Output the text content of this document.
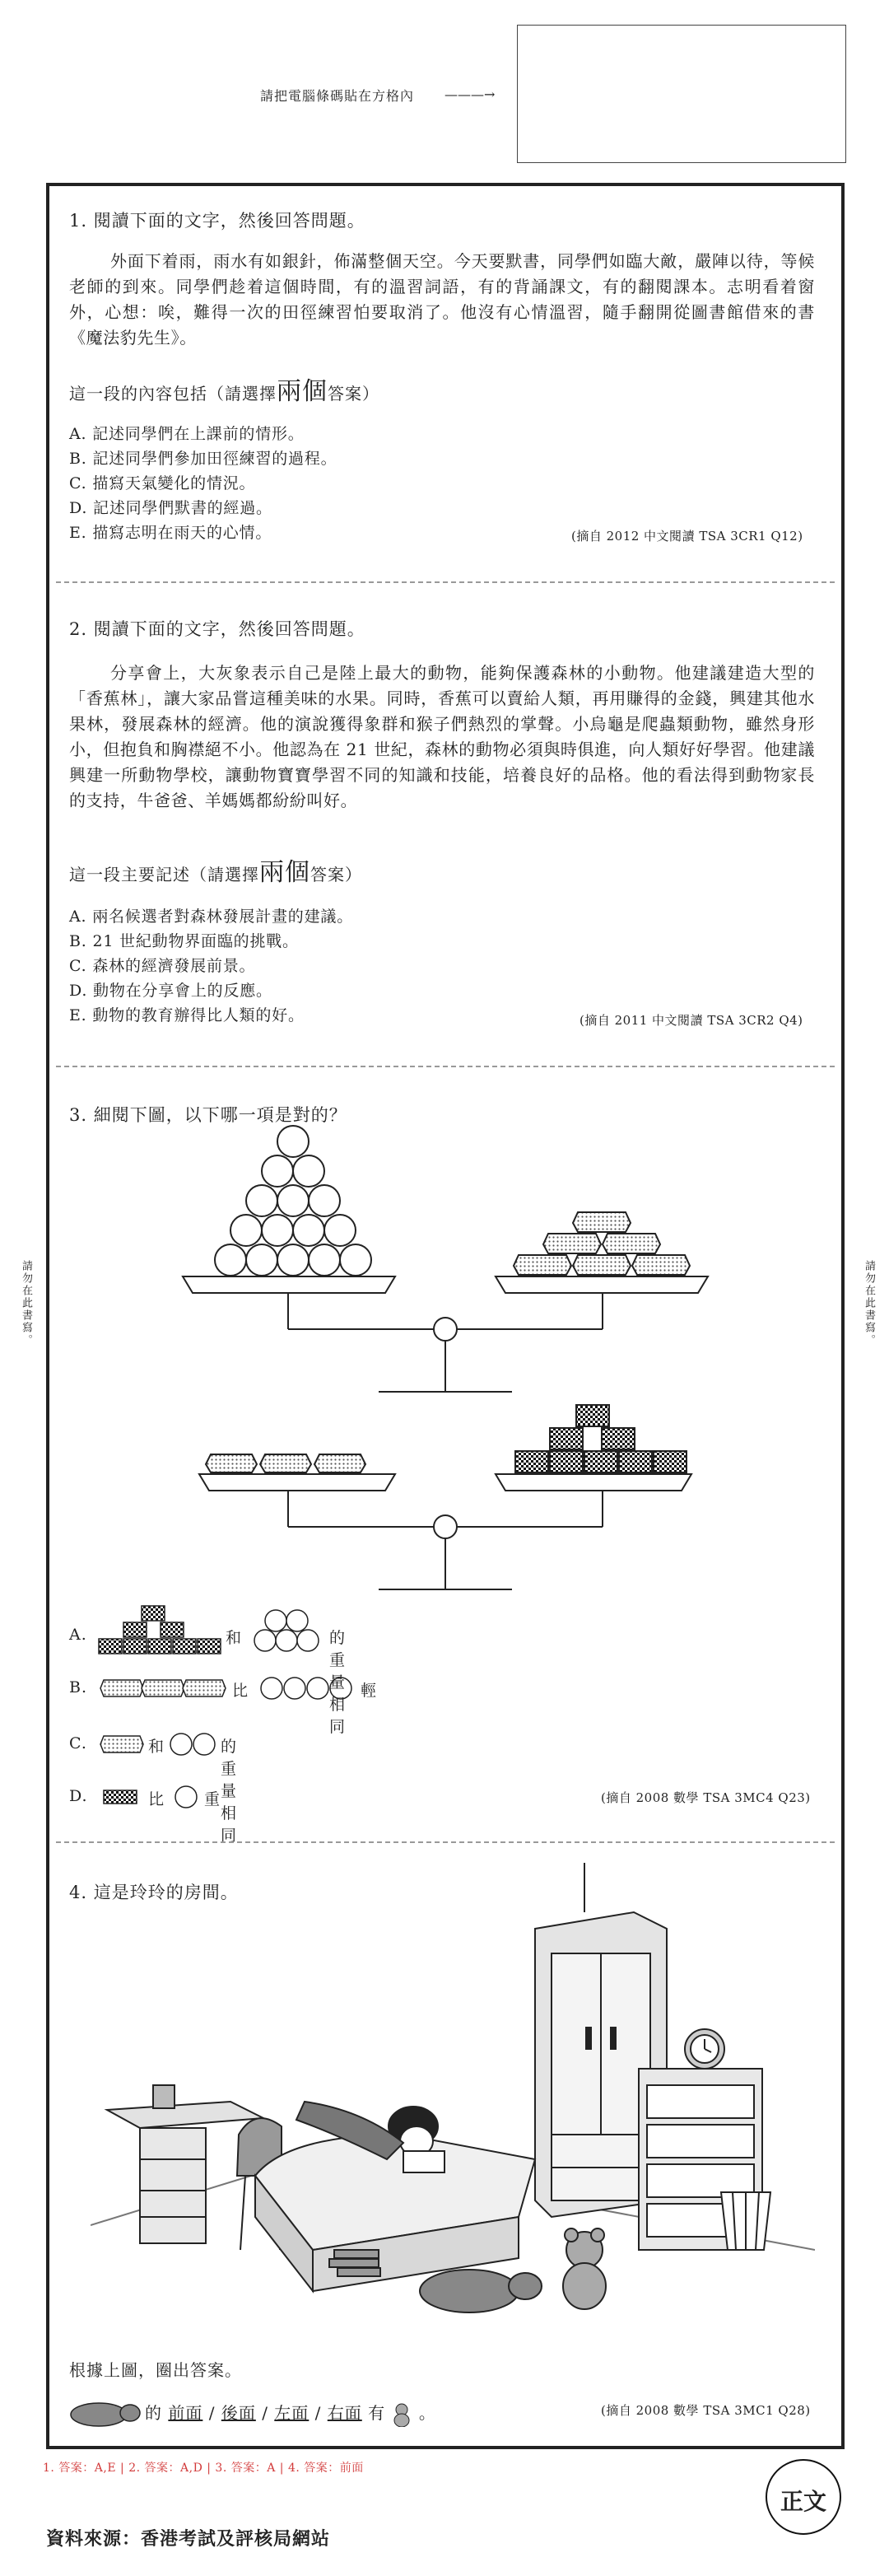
請把電腦條碼貼在方格內 ———→
請勿在此書寫。	請勿在此書寫。
1. 閱讀下面的文字，然後回答問題。
外面下着雨，雨水有如銀針，佈滿整個天空。今天要默書，同學們如臨大敵，嚴陣以待，等候老師的到來。同學們趁着這個時間，有的溫習詞語，有的背誦課文，有的翻閱課本。志明看着窗外，心想：唉，難得一次的田徑練習怕要取消了。他沒有心情溫習，隨手翻開從圖書館借來的書《魔法豹先生》。
這一段的內容包括（請選擇兩個答案）
A. 記述同學們在上課前的情形。
B. 記述同學們參加田徑練習的過程。
C. 描寫天氣變化的情況。
D. 記述同學們默書的經過。
E. 描寫志明在雨天的心情。	(摘自 2012 中文閱讀 TSA 3CR1 Q12)
2. 閱讀下面的文字，然後回答問題。
分享會上，大灰象表示自己是陸上最大的動物，能夠保護森林的小動物。他建議建造大型的「香蕉林」，讓大家品嘗這種美味的水果。同時，香蕉可以賣給人類，再用賺得的金錢，興建其他水果林，發展森林的經濟。他的演說獲得象群和猴子們熱烈的掌聲。小烏龜是爬蟲類動物，雖然身形小，但抱負和胸襟絕不小。他認為在 21 世紀，森林的動物必須與時俱進，向人類好好學習。他建議興建一所動物學校，讓動物寶寶學習不同的知識和技能，培養良好的品格。他的看法得到動物家長的支持，牛爸爸、羊媽媽都紛紛叫好。
這一段主要記述（請選擇兩個答案）
A. 兩名候選者對森林發展計畫的建議。
B. 21 世紀動物界面臨的挑戰。
C. 森林的經濟發展前景。
D. 動物在分享會上的反應。
E. 動物的教育辦得比人類的好。	(摘自 2011 中文閱讀 TSA 3CR2 Q4)
3. 細閱下圖，以下哪一項是對的？
A.	和	的重量相同
B.	比	輕
C.	和	的重量相同
D.	比	重	(摘自 2008 數學 TSA 3MC4 Q23)
4. 這是玲玲的房間。
根據上圖，圈出答案。
的 前面 / 後面 / 左面 / 右面 有 。	(摘自 2008 數學 TSA 3MC1 Q28)
1. 答案：A,E | 2. 答案：A,D | 3. 答案：A | 4. 答案：前面
資料來源：香港考試及評核局網站
正文
